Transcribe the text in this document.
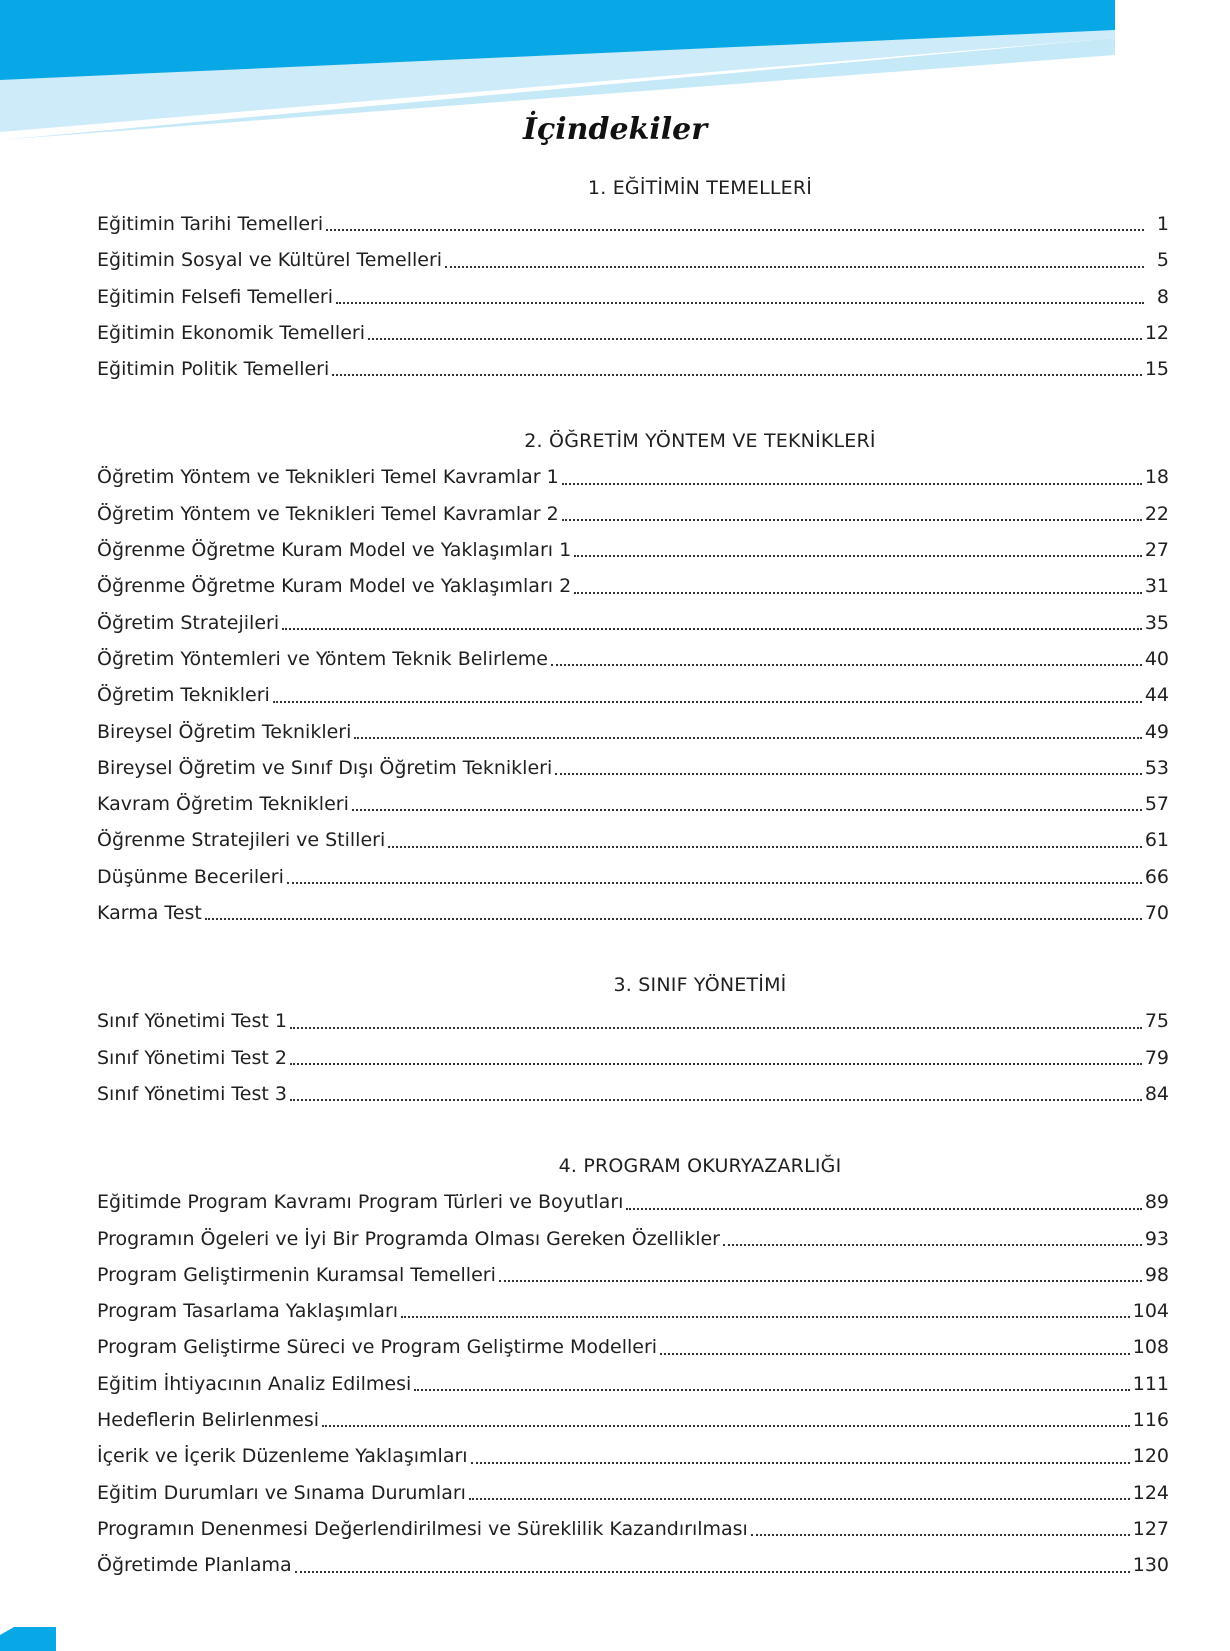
İçindekiler
1. EĞİTİMİN TEMELLERİ
Eğitimin Tarihi Temelleri	1
Eğitimin Sosyal ve Kültürel Temelleri	5
Eğitimin Felsefi Temelleri	8
Eğitimin Ekonomik Temelleri	12
Eğitimin Politik Temelleri	15
2. ÖĞRETİM YÖNTEM VE TEKNİKLERİ
Öğretim Yöntem ve Teknikleri Temel Kavramlar 1	18
Öğretim Yöntem ve Teknikleri Temel Kavramlar 2	22
Öğrenme Öğretme Kuram Model ve Yaklaşımları 1	27
Öğrenme Öğretme Kuram Model ve Yaklaşımları 2	31
Öğretim Stratejileri	35
Öğretim Yöntemleri ve Yöntem Teknik Belirleme	40
Öğretim Teknikleri	44
Bireysel Öğretim Teknikleri	49
Bireysel Öğretim ve Sınıf Dışı Öğretim Teknikleri	53
Kavram Öğretim Teknikleri	57
Öğrenme Stratejileri ve Stilleri	61
Düşünme Becerileri	66
Karma Test	70
3. SINIF YÖNETİMİ
Sınıf Yönetimi Test 1	75
Sınıf Yönetimi Test 2	79
Sınıf Yönetimi Test 3	84
4. PROGRAM OKURYAZARLIĞI
Eğitimde Program Kavramı Program Türleri ve Boyutları	89
Programın Ögeleri ve İyi Bir Programda Olması Gereken Özellikler	93
Program Geliştirmenin Kuramsal Temelleri	98
Program Tasarlama Yaklaşımları	104
Program Geliştirme Süreci ve Program Geliştirme Modelleri	108
Eğitim İhtiyacının Analiz Edilmesi	111
Hedeflerin Belirlenmesi	116
İçerik ve İçerik Düzenleme Yaklaşımları	120
Eğitim Durumları ve Sınama Durumları	124
Programın Denenmesi Değerlendirilmesi ve Süreklilik Kazandırılması	127
Öğretimde Planlama	130
